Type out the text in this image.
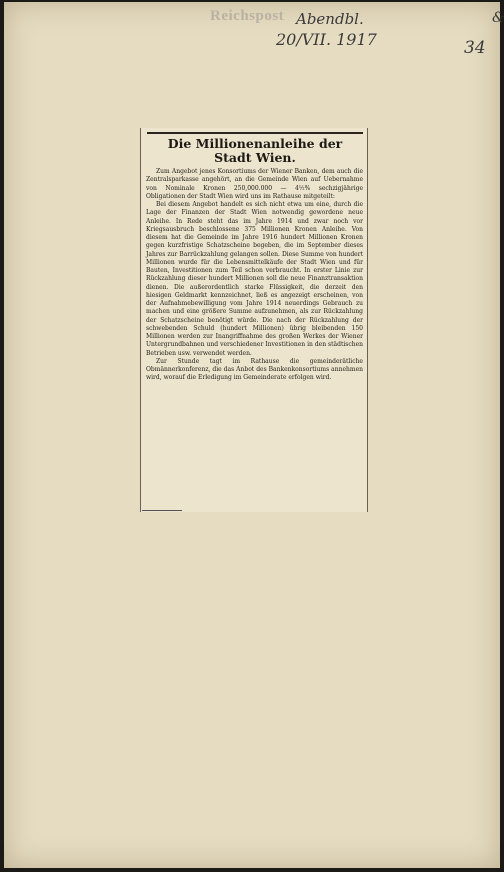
Reichspost Abendbl.
20/VII. 1917	34
&
Die Millionenanleihe der Stadt Wien.

Zum Angebot jenes Konsortiums der Wiener Banken, dem auch die Zentralsparkasse angehört, an die Gemeinde Wien auf Uebernahme von Nominale Kronen 250,000.000 — 4½% sechzigjährige Obligationen der Stadt Wien wird uns im Rathause mitgeteilt:

Bei diesem Angebot handelt es sich nicht etwa um eine, durch die Lage der Finanzen der Stadt Wien notwendig gewordene neue Anleihe. In Rede steht das im Jahre 1914 und zwar noch vor Kriegsausbruch beschlossene 375 Millionen Kronen Anleihe. Von diesem hat die Gemeinde im Jahre 1916 hundert Millionen Kronen gegen kurzfristige Schatzscheine begeben, die im September dieses Jahres zur Barrückzahlung gelangen sollen. Diese Summe von hundert Millionen wurde für die Lebensmittelkäufe der Stadt Wien und für Bauten, Investitionen zum Teil schon verbraucht. In erster Linie zur Rückzahlung dieser hundert Millionen soll die neue Finanztransaktion dienen. Die außerordentlich starke Flüssigkeit, die derzeit den hiesigen Geldmarkt kennzeichnet, ließ es angezeigt erscheinen, von der Aufnahmebewilligung vom Jahre 1914 neuerdings Gebrauch zu machen und eine größere Summe aufzunehmen, als zur Rückzahlung der Schatzscheine benötigt würde. Die nach der Rückzahlung der schwebenden Schuld (hundert Millionen) übrig bleibenden 150 Millionen werden zur Inangriffnahme des großen Werkes der Wiener Untergrundbahnen und verschiedener Investitionen in den städtischen Betrieben usw. verwendet werden.

Zur Stunde tagt im Rathause die gemeinderätliche Obmännerkonferenz, die das Anbot des Bankenkonsortiums annehmen wird, worauf die Erledigung im Gemeinderate erfolgen wird.
